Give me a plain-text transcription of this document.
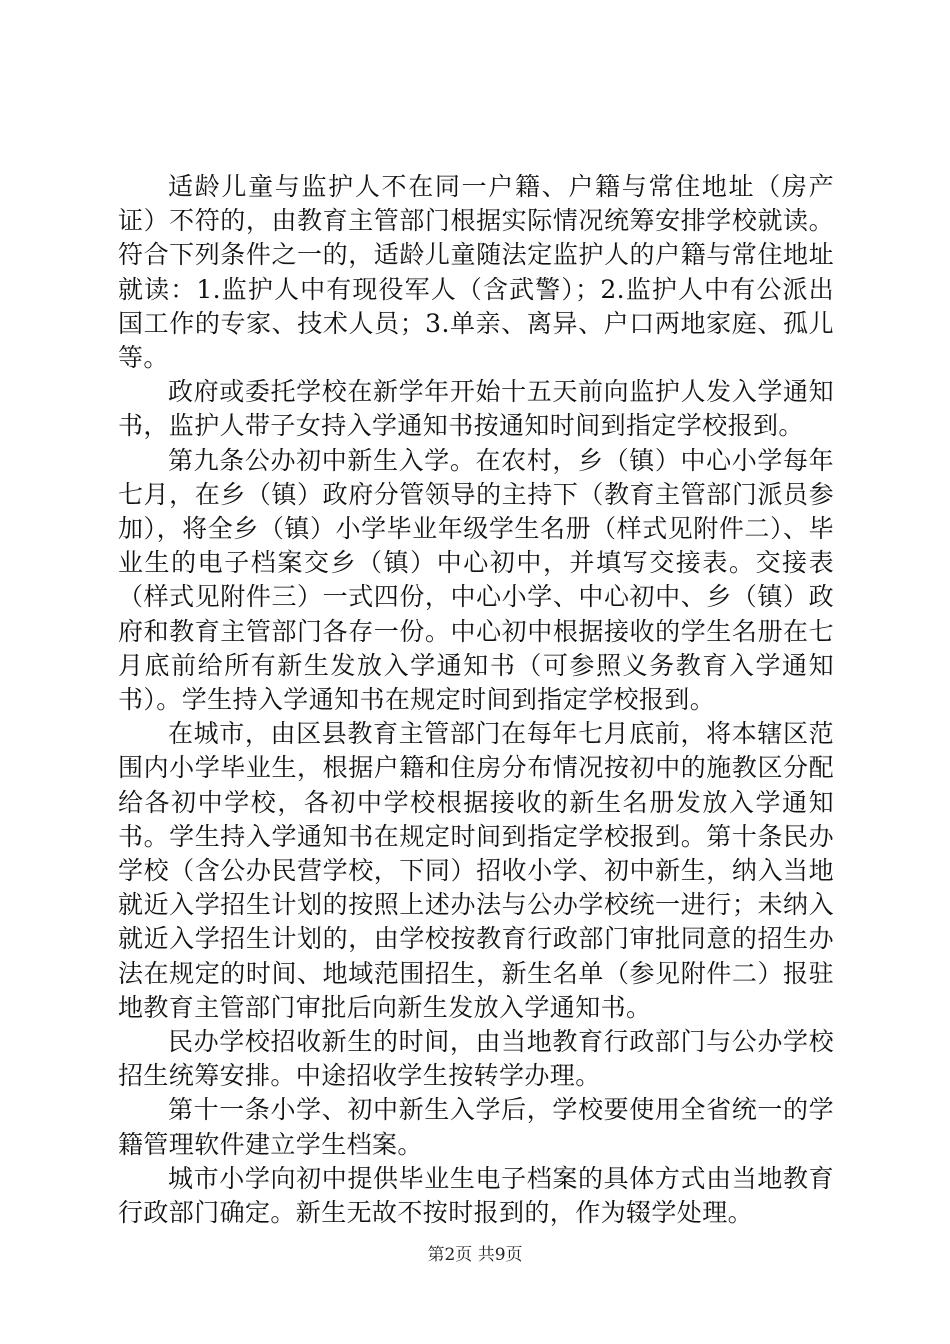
适龄儿童与监护人不在同一户籍、户籍与常住地址（房产证）不符的，由教育主管部门根据实际情况统筹安排学校就读。符合下列条件之一的，适龄儿童随法定监护人的户籍与常住地址就读：1.监护人中有现役军人（含武警）；2.监护人中有公派出国工作的专家、技术人员；3.单亲、离异、户口两地家庭、孤儿等。

政府或委托学校在新学年开始十五天前向监护人发入学通知书，监护人带子女持入学通知书按通知时间到指定学校报到。

第九条公办初中新生入学。在农村，乡（镇）中心小学每年七月，在乡（镇）政府分管领导的主持下（教育主管部门派员参加），将全乡（镇）小学毕业年级学生名册（样式见附件二）、毕业生的电子档案交乡（镇）中心初中，并填写交接表。交接表（样式见附件三）一式四份，中心小学、中心初中、乡（镇）政府和教育主管部门各存一份。中心初中根据接收的学生名册在七月底前给所有新生发放入学通知书（可参照义务教育入学通知书）。学生持入学通知书在规定时间到指定学校报到。

在城市，由区县教育主管部门在每年七月底前，将本辖区范围内小学毕业生，根据户籍和住房分布情况按初中的施教区分配给各初中学校，各初中学校根据接收的新生名册发放入学通知书。学生持入学通知书在规定时间到指定学校报到。第十条民办学校（含公办民营学校，下同）招收小学、初中新生，纳入当地就近入学招生计划的按照上述办法与公办学校统一进行；未纳入就近入学招生计划的，由学校按教育行政部门审批同意的招生办法在规定的时间、地域范围招生，新生名单（参见附件二）报驻地教育主管部门审批后向新生发放入学通知书。

民办学校招收新生的时间，由当地教育行政部门与公办学校招生统筹安排。中途招收学生按转学办理。

第十一条小学、初中新生入学后，学校要使用全省统一的学籍管理软件建立学生档案。

城市小学向初中提供毕业生电子档案的具体方式由当地教育行政部门确定。新生无故不按时报到的，作为辍学处理。

第2页 共9页
